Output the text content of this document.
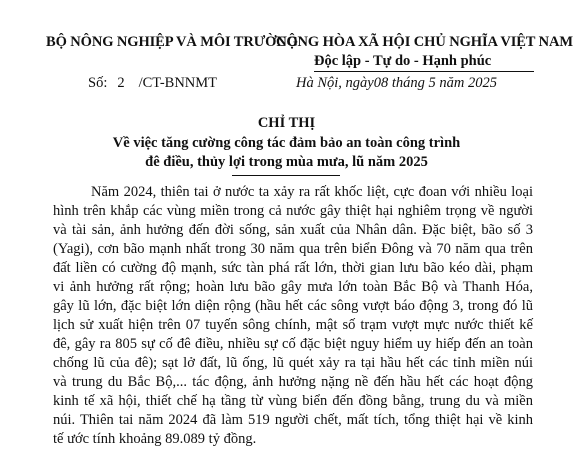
BỘ NÔNG NGHIỆP VÀ MÔI TRƯỜNG
CỘNG HÒA XÃ HỘI CHỦ NGHĨA VIỆT NAM
Độc lập - Tự do - Hạnh phúc
Số: 2 /CT-BNNMT	Hà Nội, ngày08 tháng 5 năm 2025
CHỈ THỊ
Về việc tăng cường công tác đảm bảo an toàn công trình
đê điều, thủy lợi trong mùa mưa, lũ năm 2025
Năm 2024, thiên tai ở nước ta xảy ra rất khốc liệt, cực đoan với nhiều loại
hình trên khắp các vùng miền trong cả nước gây thiệt hại nghiêm trọng về người
và tài sản, ảnh hưởng đến đời sống, sản xuất của Nhân dân. Đặc biệt, bão số 3
(Yagi), cơn bão mạnh nhất trong 30 năm qua trên biển Đông và 70 năm qua trên
đất liền có cường độ mạnh, sức tàn phá rất lớn, thời gian lưu bão kéo dài, phạm
vi ảnh hưởng rất rộng; hoàn lưu bão gây mưa lớn toàn Bắc Bộ và Thanh Hóa,
gây lũ lớn, đặc biệt lớn diện rộng (hầu hết các sông vượt báo động 3, trong đó lũ
lịch sử xuất hiện trên 07 tuyến sông chính, mật số trạm vượt mực nước thiết kế
đê, gây ra 805 sự cố đê điều, nhiều sự cố đặc biệt nguy hiểm uy hiếp đến an toàn
chống lũ của đê); sạt lở đất, lũ ống, lũ quét xảy ra tại hầu hết các tỉnh miền núi
và trung du Bắc Bộ,... tác động, ảnh hưởng nặng nề đến hầu hết các hoạt động
kinh tế xã hội, thiết chế hạ tầng từ vùng biển đến đồng bằng, trung du và miền
núi. Thiên tai năm 2024 đã làm 519 người chết, mất tích, tổng thiệt hại về kinh
tế ước tính khoảng 89.089 tỷ đồng.
